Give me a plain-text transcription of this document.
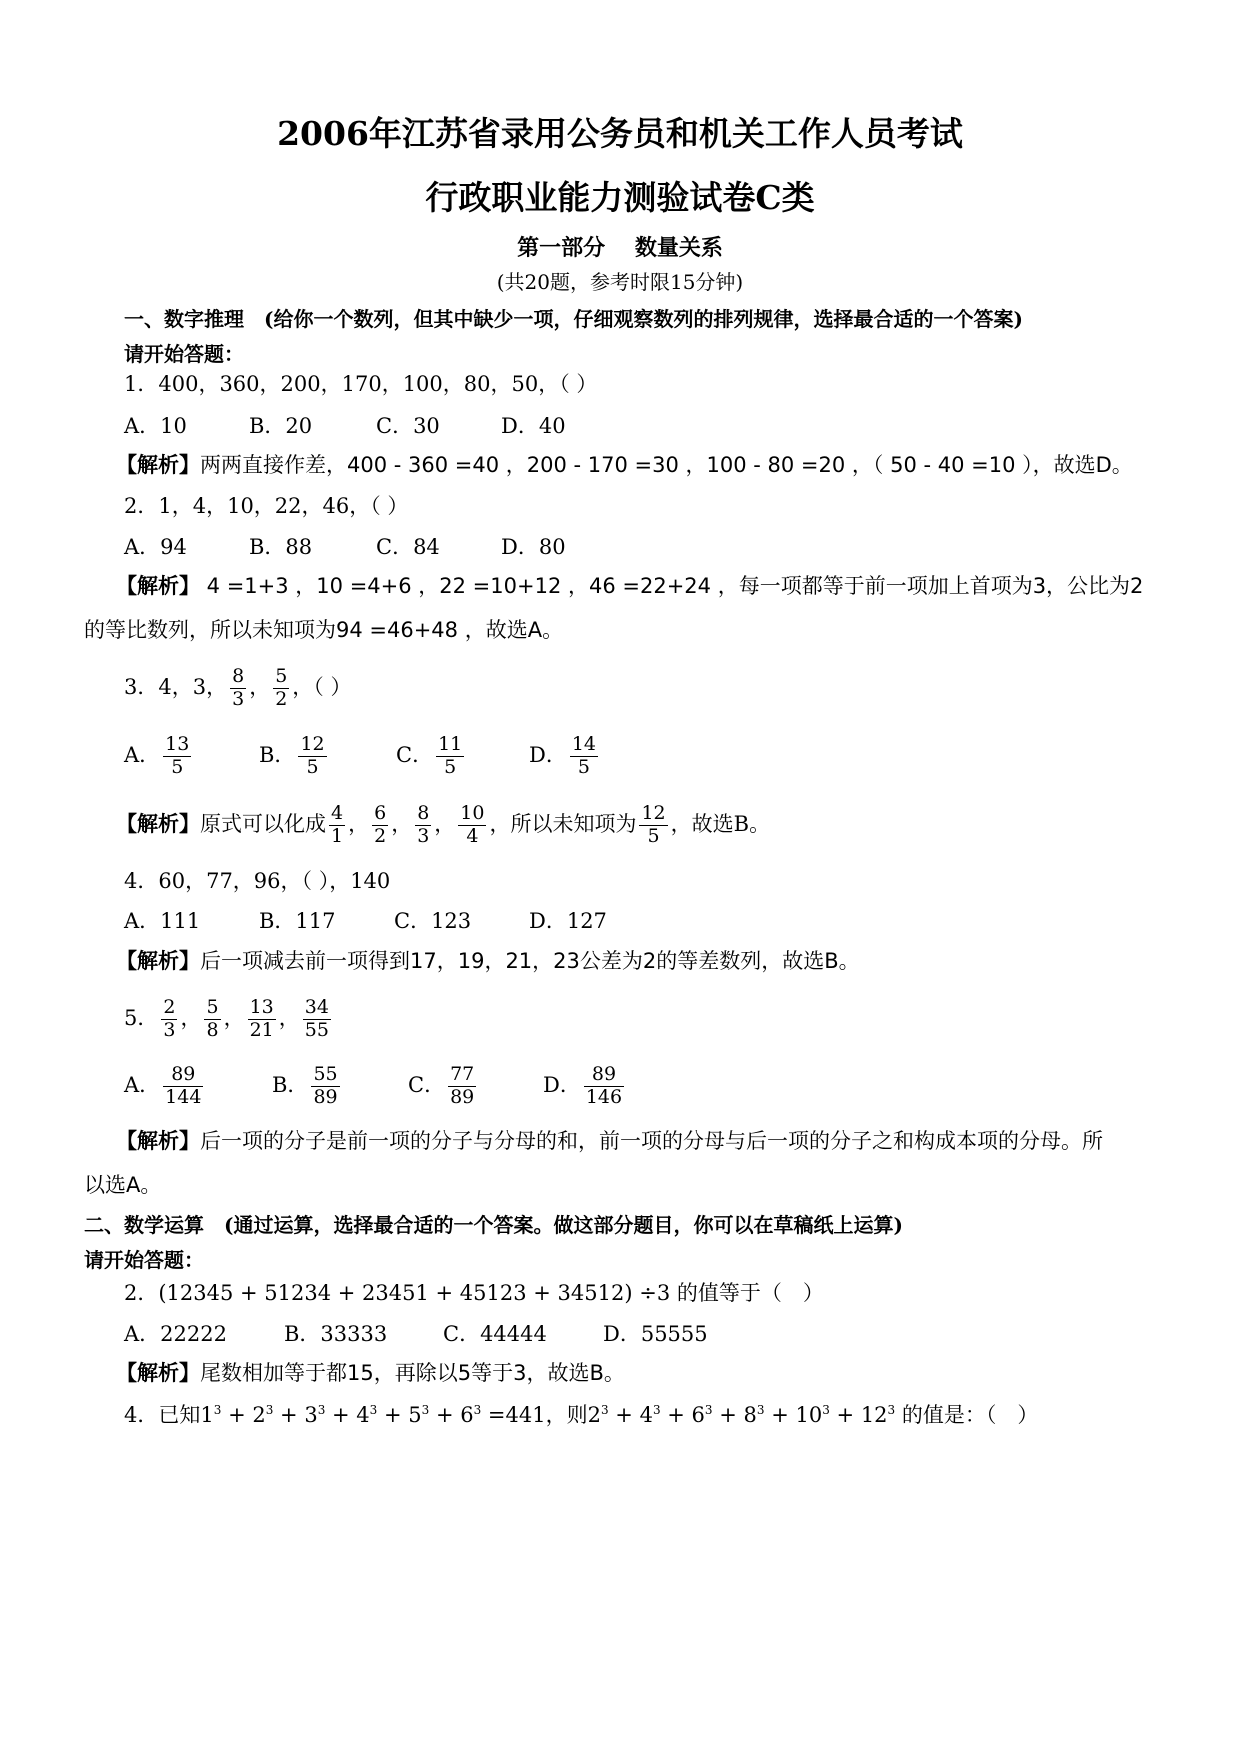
2006年江苏省录用公务员和机关工作人员考试
行政职业能力测验试卷C类
第一部分　 数量关系
(共20题，参考时限15分钟)
一、数字推理　(给你一个数列，但其中缺少一项，仔细观察数列的排列规律，选择最合适的一个答案)
请开始答题：
1．400，360，200，170，100，80，50，（ ）
A．10	B．20	C．30	D．40
【解析】两两直接作差，400 - 360 =40 ，200 - 170 =30 ，100 - 80 =20 ，（ 50 - 40 =10 ），故选D。
2．1，4，10，22，46，（ ）
A．94	B．88	C．84	D．80
【解析】 4 =1+3 ，10 =4+6 ，22 =10+12 ，46 =22+24 ，每一项都等于前一项加上首项为3，公比为2
的等比数列，所以未知项为94 =46+48 ，故选A。
3．4，3， $\frac{8}{3}$ ， $\frac{5}{2}$ ，（ ）
A． $\frac{13}{5}$	B． $\frac{12}{5}$	C． $\frac{11}{5}$	D． $\frac{14}{5}$
【解析】原式可以化成 $\frac{4}{1}$ ， $\frac{6}{2}$ ， $\frac{8}{3}$ ， $\frac{10}{4}$ ，所以未知项为 $\frac{12}{5}$ ，故选B。
4．60，77，96，（ ），140
A．111	B．117	C．123	D．127
【解析】后一项减去前一项得到17，19，21，23公差为2的等差数列，故选B。
5． $\frac{2}{3}$ ， $\frac{5}{8}$ ， $\frac{13}{21}$ ， $\frac{34}{55}$
A． $\frac{89}{144}$	B． $\frac{55}{89}$	C． $\frac{77}{89}$	D． $\frac{89}{146}$
【解析】后一项的分子是前一项的分子与分母的和，前一项的分母与后一项的分子之和构成本项的分母。所
以选A。
二、数学运算　(通过运算，选择最合适的一个答案。做这部分题目，你可以在草稿纸上运算)
请开始答题：
2．(12345 + 51234 + 23451 + 45123 + 34512) ÷3 的值等于（　）
A．22222	B．33333	C．44444	D．55555
【解析】尾数相加等于都15，再除以5等于3，故选B。
4．已知$1^3 + 2^3 + 3^3 + 4^3 + 5^3 + 6^3 =441$，则$2^3 + 4^3 + 6^3 + 8^3 + 10^3 + 12^3$ 的值是：（　）
